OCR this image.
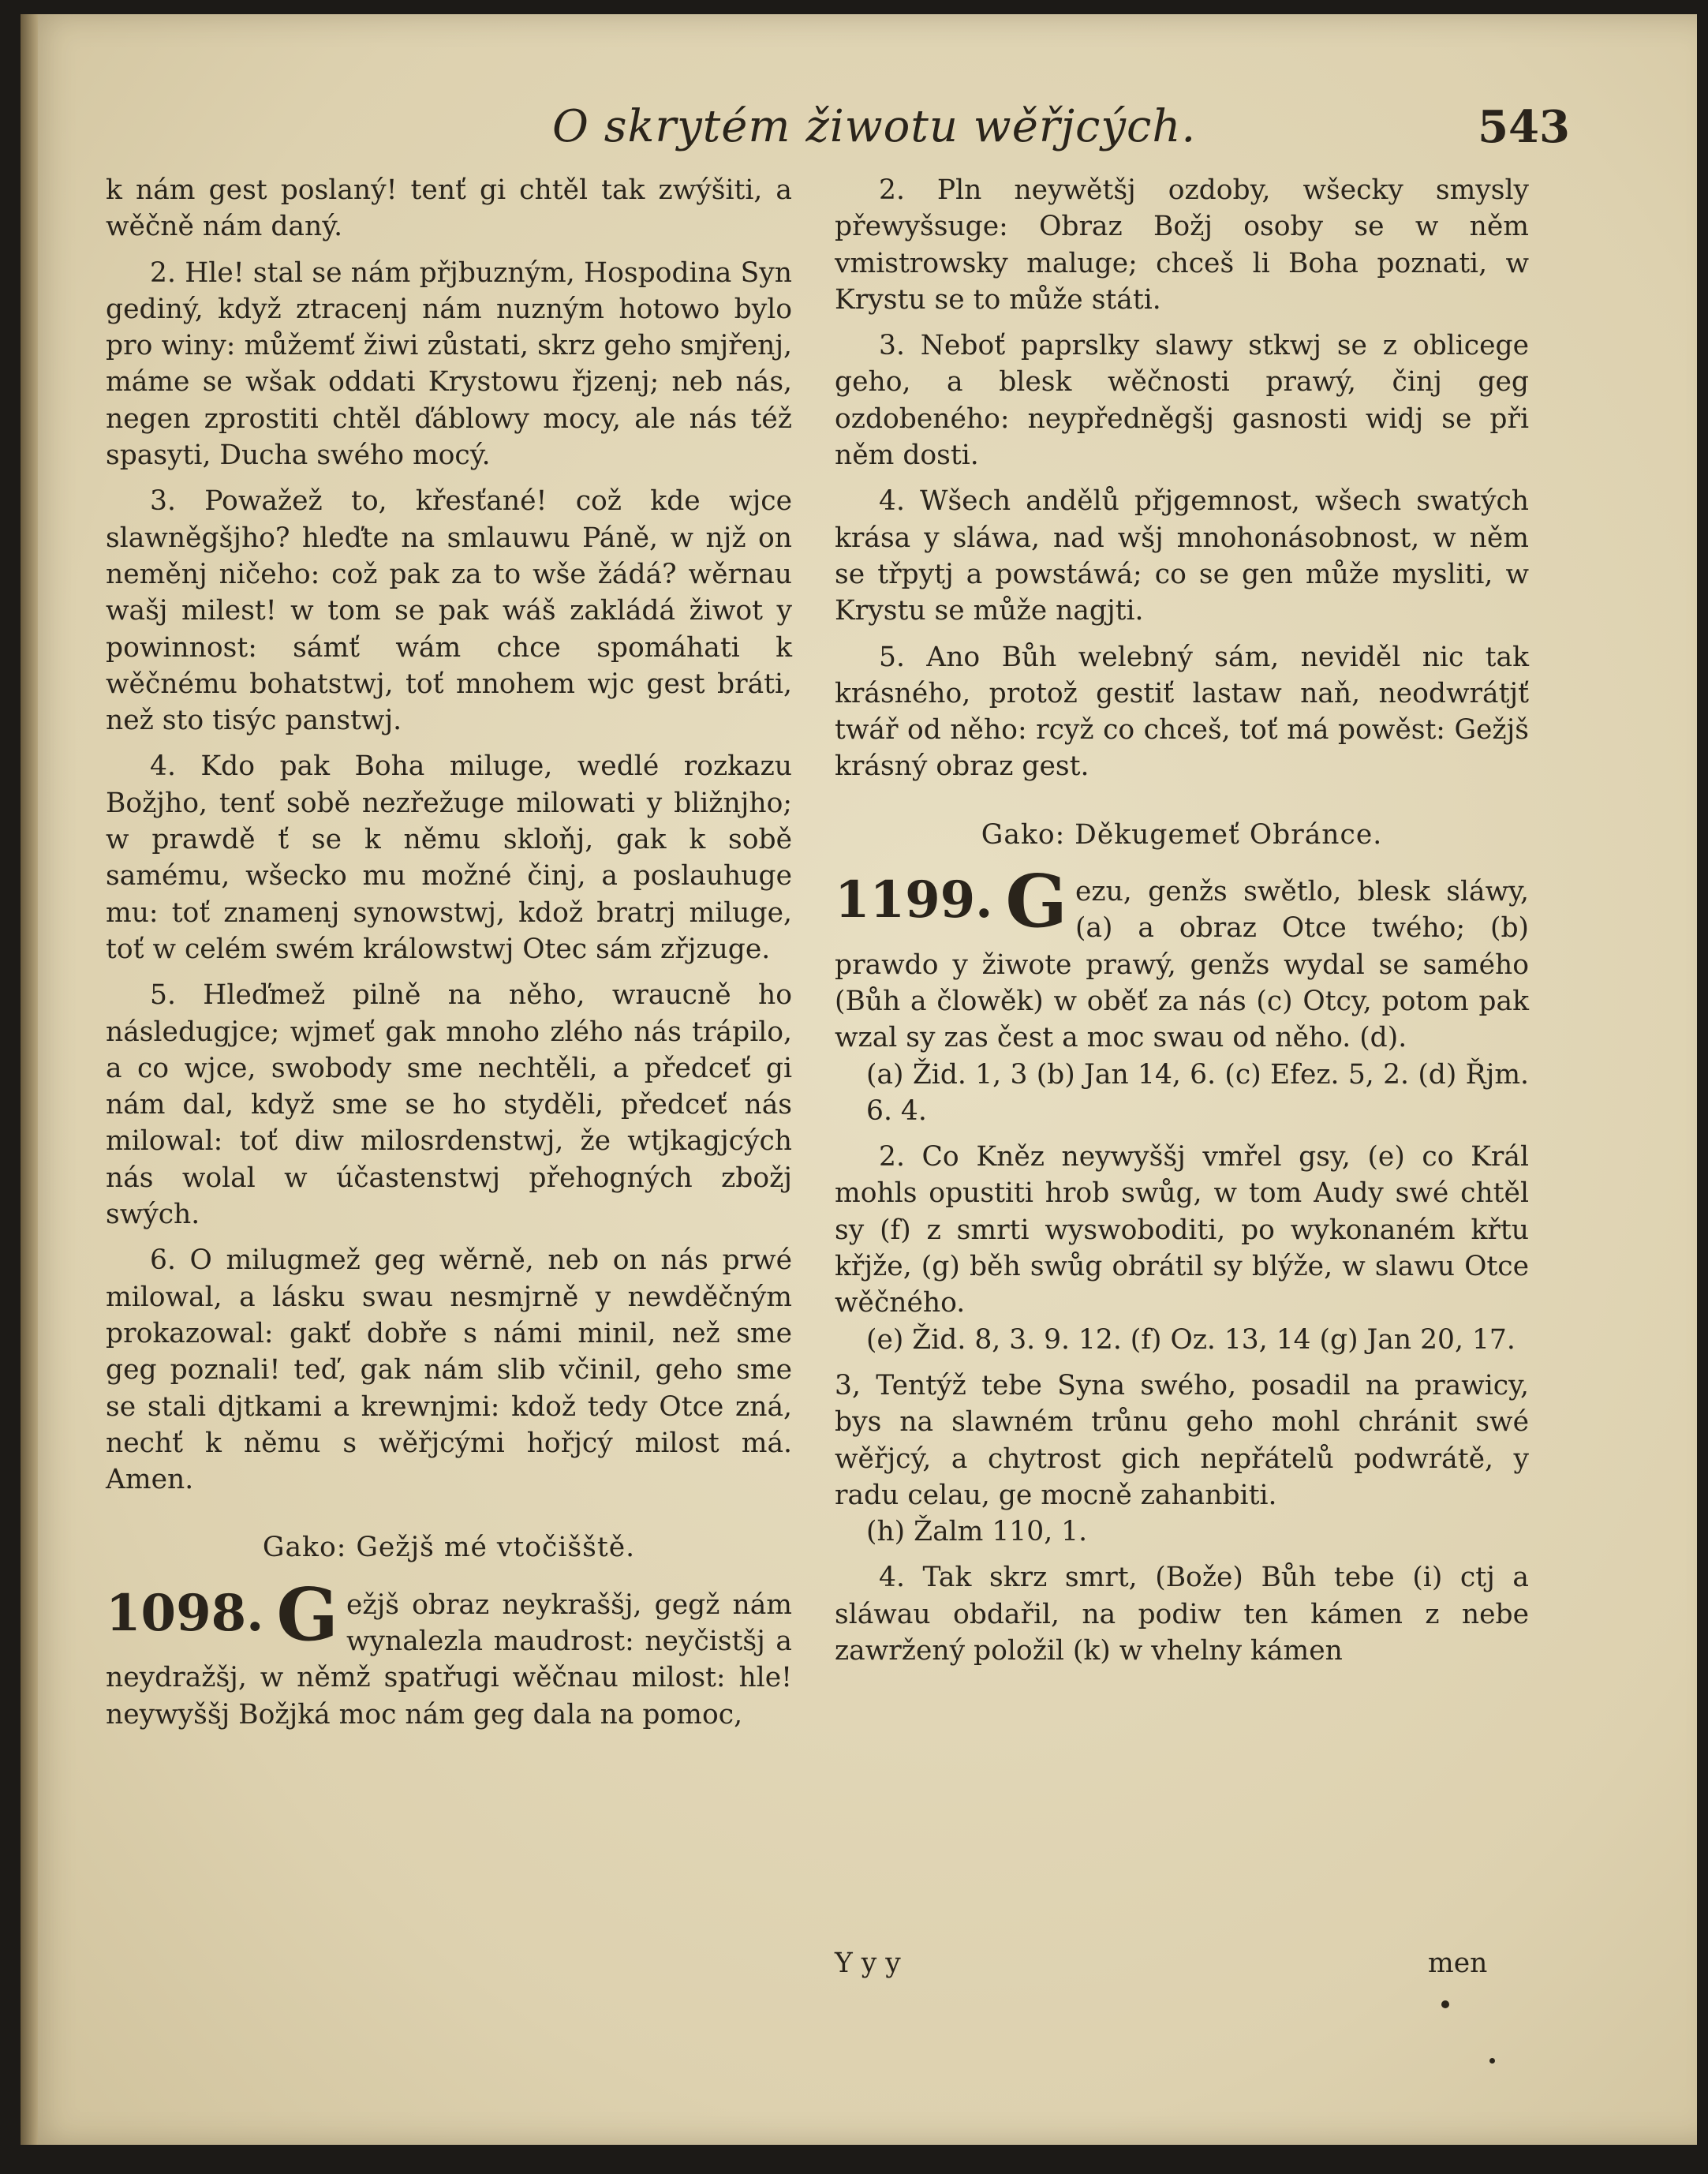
O skrytém žiwotu wěřjcých.	543

k nám gest poslaný! tenť gi chtěl tak zwýšiti, a wěčně nám daný.

2. Hle! stal se nám přjbuzným, Hospodina Syn gediný, když ztracenj nám nuzným hotowo bylo pro winy: můžemť žiwi zůstati, skrz geho smjřenj, máme se wšak oddati Krystowu řjzenj; neb nás, negen zprostiti chtěl ďáblowy mocy, ale nás též spasyti, Ducha swého mocý.

3. Powažež to, křesťané! což kde wjce slawněgšjho? hleďte na smlauwu Páně, w njž on neměnj ničeho: což pak za to wše žádá? wěrnau wašj milest! w tom se pak wáš zakládá žiwot y powinnost: sámť wám chce spomáhati k wěčnému bohatstwj, toť mnohem wjc gest bráti, než sto tisýc panstwj.

4. Kdo pak Boha miluge, wedlé rozkazu Božjho, tenť sobě nezřežuge milowati y bližnjho; w prawdě ť se k němu skloňj, gak k sobě samému, wšecko mu možné činj, a poslauhuge mu: toť znamenj synowstwj, kdož bratrj miluge, toť w celém swém králowstwj Otec sám zřjzuge.

5. Hleďmež pilně na něho, wraucně ho následugjce; wjmeť gak mnoho zlého nás trápilo, a co wjce, swobody sme nechtěli, a předceť gi nám dal, když sme se ho styděli, předceť nás milowal: toť diw milosrdenstwj, že wtjkagjcých nás wolal w účastenstwj přehogných zbožj swých.

6. O milugmež geg wěrně, neb on nás prwé milowal, a lásku swau nesmjrně y newděčným prokazowal: gakť dobře s námi minil, než sme geg poznali! teď, gak nám slib včinil, geho sme se stali djtkami a krewnjmi: kdož tedy Otce zná, nechť k němu s wěřjcými hořjcý milost má. Amen.

Gako: Gežjš mé vtočišště.

1098. G ežjš obraz neykraššj, gegž nám wynalezla maudrost: neyčistšj a neydražšj, w němž spatřugi wěčnau milost: hle! neywyššj Božjká moc nám geg dala na pomoc,

2. Pln neywětšj ozdoby, wšecky smysly přewyšsuge: Obraz Božj osoby se w něm vmistrowsky maluge; chceš li Boha poznati, w Krystu se to může státi.

3. Neboť paprslky slawy stkwj se z oblicege geho, a blesk wěčnosti prawý, činj geg ozdobeného: neypředněgšj gasnosti widj se při něm dosti.

4. Wšech andělů přjgemnost, wšech swatých krása y sláwa, nad wšj mnohonásobnost, w něm se třpytj a powstáwá; co se gen může mysliti, w Krystu se může nagjti.

5. Ano Bůh welebný sám, neviděl nic tak krásného, protož gestiť lastaw naň, neodwrátjť twář od něho: rcyž co chceš, toť má powěst: Gežjš krásný obraz gest.

Gako: Děkugemeť Obránce.

1199. G ezu, genžs swětlo, blesk sláwy, (a) a obraz Otce twého; (b) prawdo y žiwote prawý, genžs wydal se samého (Bůh a člowěk) w oběť za nás (c) Otcy, potom pak wzal sy zas čest a moc swau od něho. (d).

(a) Žid. 1, 3 (b) Jan 14, 6. (c) Efez. 5, 2. (d) Řjm. 6. 4.

2. Co Kněz neywyššj vmřel gsy, (e) co Král mohls opustiti hrob swůg, w tom Audy swé chtěl sy (f) z smrti wyswoboditi, po wykonaném křtu křjže, (g) běh swůg obrátil sy blýže, w slawu Otce wěčného.

(e) Žid. 8, 3. 9. 12. (f) Oz. 13, 14 (g) Jan 20, 17.

3, Tentýž tebe Syna swého, posadil na prawicy, bys na slawném trůnu geho mohl chránit swé wěřjcý, a chytrost gich nepřátelů podwrátě, y radu celau, ge mocně zahanbiti.

(h) Žalm 110, 1.

4. Tak skrz smrt, (Bože) Bůh tebe (i) ctj a sláwau obdařil, na podiw ten kámen z nebe zawržený položil (k) w vhelny kámen

Y y y	men
